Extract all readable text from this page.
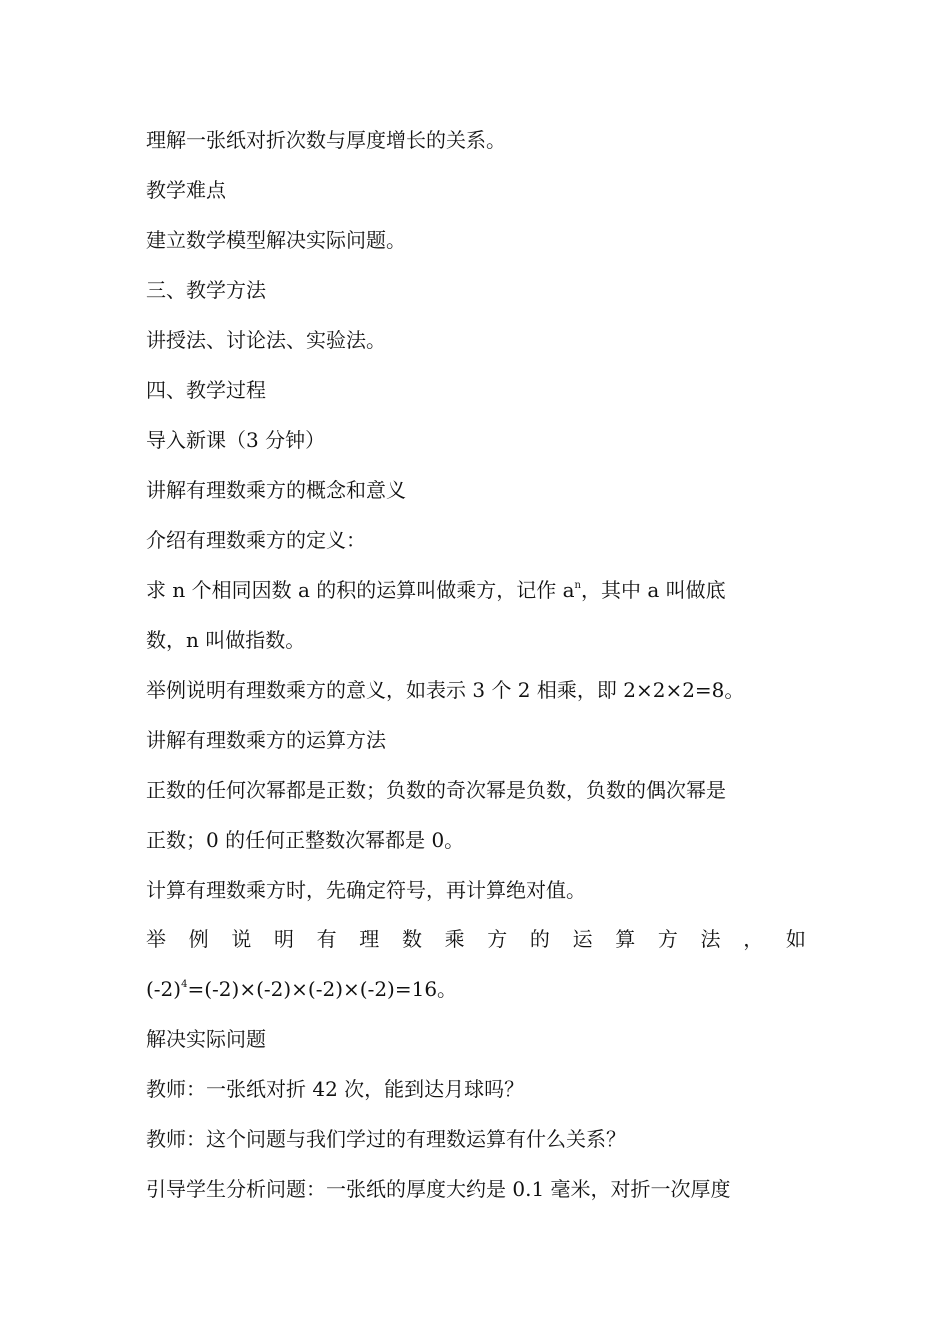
理解一张纸对折次数与厚度增长的关系。
教学难点
建立数学模型解决实际问题。
三、教学方法
讲授法、讨论法、实验法。
四、教学过程
导入新课（3 分钟）
讲解有理数乘方的概念和意义
介绍有理数乘方的定义：
求 n 个相同因数 a 的积的运算叫做乘方，记作 $a^n$，其中 a 叫做底
数，n 叫做指数。
举例说明有理数乘方的意义，如表示 3 个 2 相乘，即 2×2×2=8。
讲解有理数乘方的运算方法
正数的任何次幂都是正数；负数的奇次幂是负数，负数的偶次幂是
正数；0 的任何正整数次幂都是 0。
计算有理数乘方时，先确定符号，再计算绝对值。
举 例 说 明 有 理 数 乘 方 的 运 算 方 法 ， 如
$(-2)^4=(-2)\times(-2)\times(-2)\times(-2)=16$。
解决实际问题
教师：一张纸对折 42 次，能到达月球吗？
教师：这个问题与我们学过的有理数运算有什么关系？
引导学生分析问题：一张纸的厚度大约是 0.1 毫米，对折一次厚度
